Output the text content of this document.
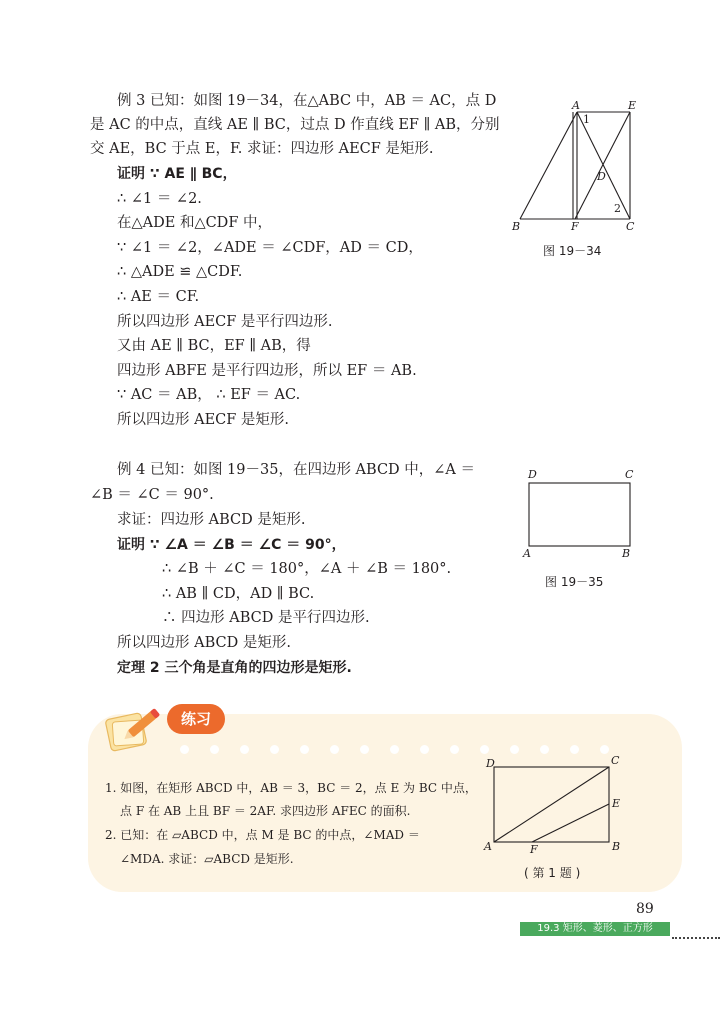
例 3 已知：如图 19－34，在△ABC 中，AB ＝ AC，点 D
是 AC 的中点，直线 AE ∥ BC，过点 D 作直线 EF ∥ AB，分别
交 AE，BC 于点 E，F. 求证：四边形 AECF 是矩形.
证明 ∵ AE ∥ BC，
∴ ∠1 ＝ ∠2.
在△ADE 和△CDF 中，
∵ ∠1 ＝ ∠2，∠ADE ＝ ∠CDF，AD ＝ CD，
∴ △ADE ≌ △CDF.
∴ AE ＝ CF.
所以四边形 AECF 是平行四边形.
又由 AE ∥ BC，EF ∥ AB，得
四边形 ABFE 是平行四边形，所以 EF ＝ AB.
∵ AC ＝ AB， ∴ EF ＝ AC.
所以四边形 AECF 是矩形.
A	E
1
D
2
B	F	C
图 19－34
例 4 已知：如图 19－35，在四边形 ABCD 中，∠A ＝
∠B ＝ ∠C ＝ 90°.
求证：四边形 ABCD 是矩形.
证明 ∵ ∠A ＝ ∠B ＝ ∠C ＝ 90°，
∴ ∠B ＋ ∠C ＝ 180°，∠A ＋ ∠B ＝ 180°.
∴ AB ∥ CD，AD ∥ BC.
∴ 四边形 ABCD 是平行四边形.
所以四边形 ABCD 是矩形.
定理 2 三个角是直角的四边形是矩形.
D	C
A	B
图 19－35
练习
1. 如图，在矩形 ABCD 中，AB ＝ 3，BC ＝ 2，点 E 为 BC 中点，
点 F 在 AB 上且 BF ＝ 2AF. 求四边形 AFEC 的面积.
2. 已知：在 ▱ABCD 中，点 M 是 BC 的中点，∠MAD ＝
∠MDA. 求证：▱ABCD 是矩形.
D	C
E
A	F	B
( 第 1 题 )
89
19.3 矩形、菱形、正方形
